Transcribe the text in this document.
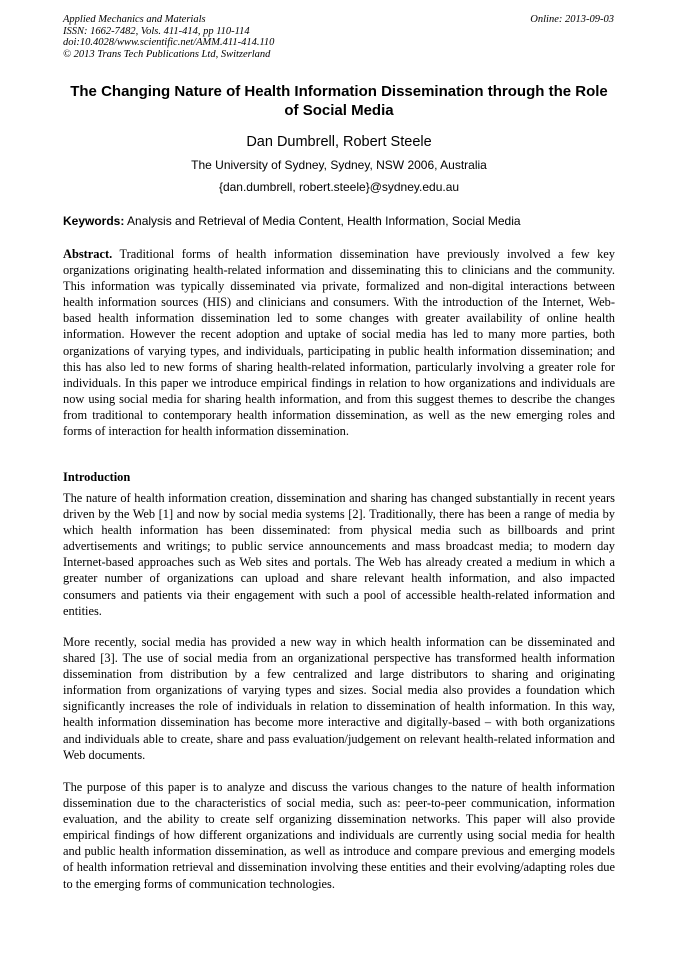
Applied Mechanics and Materials
ISSN: 1662-7482, Vols. 411-414, pp 110-114
doi:10.4028/www.scientific.net/AMM.411-414.110
© 2013 Trans Tech Publications Ltd, Switzerland
Online: 2013-09-03
The Changing Nature of Health Information Dissemination through the Role of Social Media
Dan Dumbrell, Robert Steele
The University of Sydney, Sydney, NSW 2006, Australia
{dan.dumbrell, robert.steele}@sydney.edu.au
Keywords: Analysis and Retrieval of Media Content, Health Information, Social Media
Abstract. Traditional forms of health information dissemination have previously involved a few key organizations originating health-related information and disseminating this to clinicians and the community. This information was typically disseminated via private, formalized and non-digital interactions between health information sources (HIS) and clinicians and consumers. With the introduction of the Internet, Web-based health information dissemination led to some changes with greater availability of online health information. However the recent adoption and uptake of social media has led to many more parties, both organizations of varying types, and individuals, participating in public health information dissemination; and this has also led to new forms of sharing health-related information, particularly involving a greater role for individuals. In this paper we introduce empirical findings in relation to how organizations and individuals are now using social media for sharing health information, and from this suggest themes to describe the changes from traditional to contemporary health information dissemination, as well as the new emerging roles and forms of interaction for health information dissemination.
Introduction
The nature of health information creation, dissemination and sharing has changed substantially in recent years driven by the Web [1] and now by social media systems [2]. Traditionally, there has been a range of media by which health information has been disseminated: from physical media such as billboards and print advertisements and writings; to public service announcements and mass broadcast media; to modern day Internet-based approaches such as Web sites and portals. The Web has already created a medium in which a greater number of organizations can upload and share relevant health information, and also impacted consumers and patients via their engagement with such a pool of accessible health-related information and entities.
More recently, social media has provided a new way in which health information can be disseminated and shared [3]. The use of social media from an organizational perspective has transformed health information dissemination from distribution by a few centralized and large distributors to sharing and originating information from organizations of varying types and sizes. Social media also provides a foundation which significantly increases the role of individuals in relation to dissemination of health information. In this way, health information dissemination has become more interactive and digitally-based – with both organizations and individuals able to create, share and pass evaluation/judgement on relevant health-related information and Web documents.
The purpose of this paper is to analyze and discuss the various changes to the nature of health information dissemination due to the characteristics of social media, such as: peer-to-peer communication, information evaluation, and the ability to create self organizing dissemination networks. This paper will also provide empirical findings of how different organizations and individuals are currently using social media for health and public health information dissemination, as well as introduce and compare previous and emerging models of health information retrieval and dissemination involving these entities and their evolving/adapting roles due to the emerging forms of communication technologies.
